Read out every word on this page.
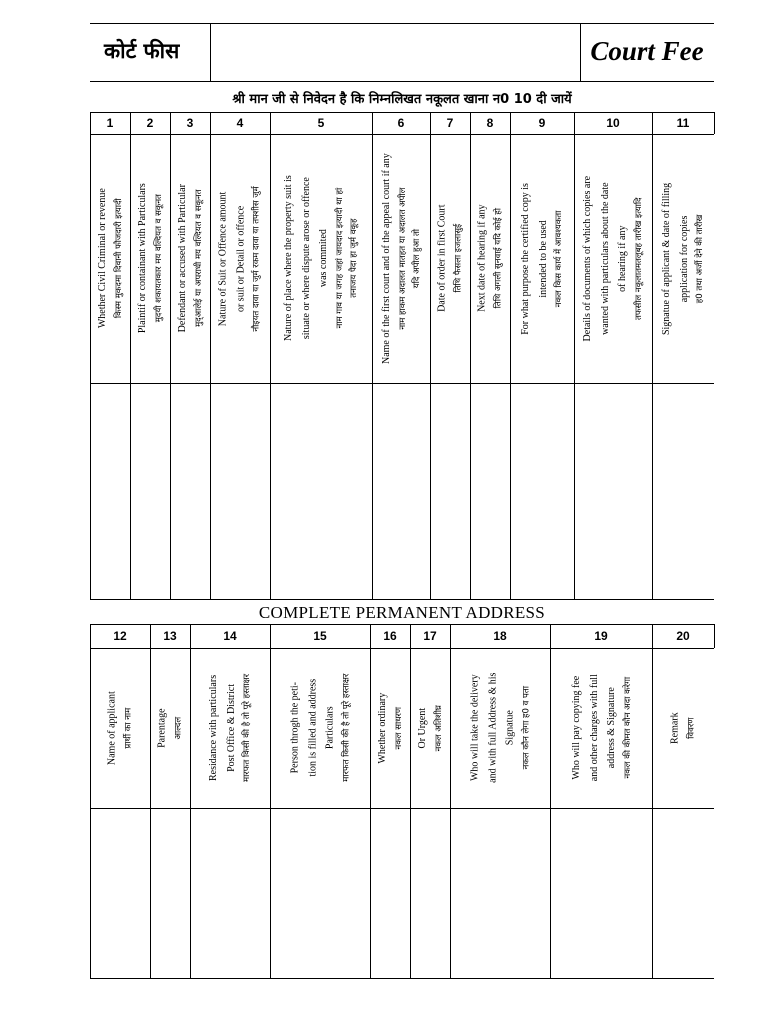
कोर्ट फीस	Court Fee
श्री मान जी से निवेदन है कि निम्नलिखत नकूलत खाना न0 10 दी जायें
1
Whether Civil Criminal or revenue किस्म मुकदमा दिवानी फौजदारी इत्यादी
2
Plaintif or containant with Particulars मुदयी शकायतकार मय वल्दियत व सकूनत
3
Defendant or accused with Particular मुद्‌आलेई या अपराधी मय वल्दियत व सकूनत
4
Nature of Suit or Offence amount or suit or Detail or offence नौइयत दावा या जुर्म रकम दावा या तफ्शीस जुर्म
5
Nature of place where the property suit is situate or where dispute arose or offence was commited नाम गाव या जगह जहां जायदाद इत्यादी था हां तनाजय पैदा हा जुर्म वकूह
6
Name of the first court and of the appeal court if any नाम हाकम अदालत मातहत या अदालत अपील यदि अपील हुआ तो
7
Date of order in first Court तिथि फैसला इजलासुई
8
Next date of hearing if any तिथि अगली सुनवाई यदि कोई हो
9
For what purpose the certified copy is intended to be used नकल किस कार्य में आवश्यकता
10
Details of documents of which copies are wanted with particulars about the date of hearing if any तफसील नकूलातमतलूबह तारीख इत्यादि
11
Signatue of applicant & date of filling application for copies ह0 तथा अर्जी देने की तारीख
COMPLETE PERMANENT ADDRESS
12
Name of applicant प्रार्थी का नाम
13
Parentage आल्दल
14
Residance with particulars Post Office & District मारफत किसी की है तो पूरे हस्ताक्षर
15
Person throgh the peti- tion is filled and address Particulars मारफत किसी की है तो पूरे हस्ताक्षर
16
Whether ordinary नकल साधरण
17
Or Urgent नकल अतिशीघ्र
18
Who will take the delivery and with full Address & his Signatue नकल कौन लेगा ह0 व पता
19
Who will pay copying fee and other charges with full address & Signature नकल की कीमत कौन अदा करेगा
20
Remark विवरण
